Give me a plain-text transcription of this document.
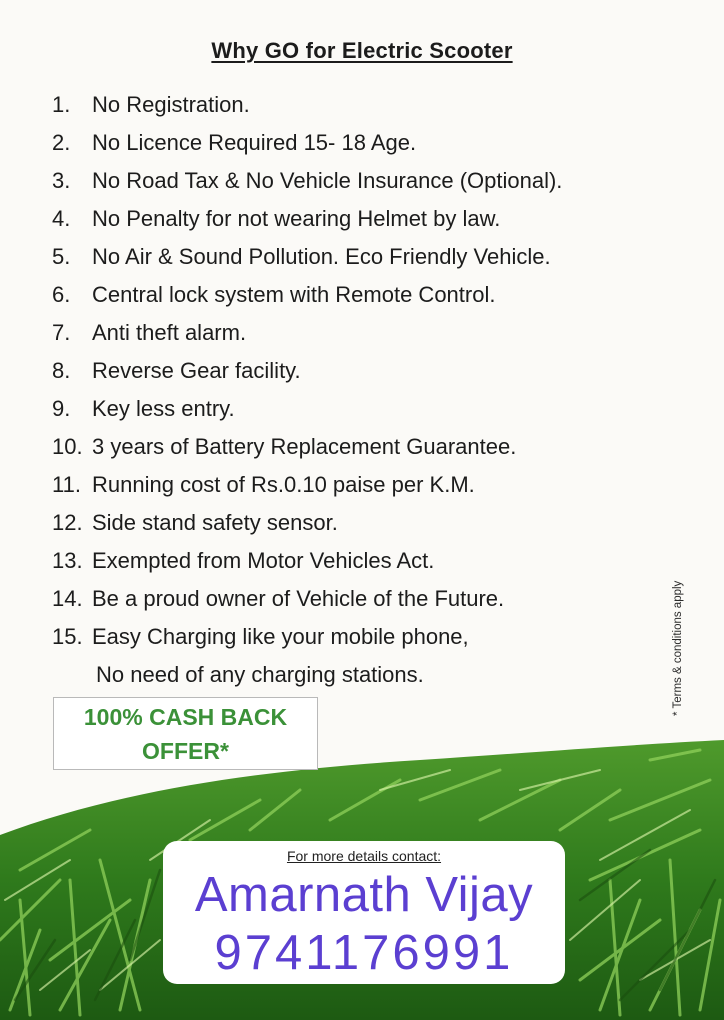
Why GO for Electric Scooter
1. No Registration.
2. No Licence Required 15- 18 Age.
3. No Road Tax & No Vehicle Insurance (Optional).
4. No Penalty for not wearing Helmet by law.
5. No Air & Sound Pollution. Eco Friendly Vehicle.
6. Central lock system with Remote Control.
7. Anti theft alarm.
8. Reverse Gear facility.
9. Key less entry.
10. 3 years of Battery Replacement Guarantee.
11. Running cost of Rs.0.10 paise per K.M.
12. Side stand safety sensor.
13. Exempted from Motor Vehicles Act.
14. Be a proud owner of Vehicle of the Future.
15. Easy Charging like your mobile phone,
No need of any charging stations.	* Terms & conditions apply
100% CASH BACK
OFFER*
For more details contact:
Amarnath Vijay
9741176991
